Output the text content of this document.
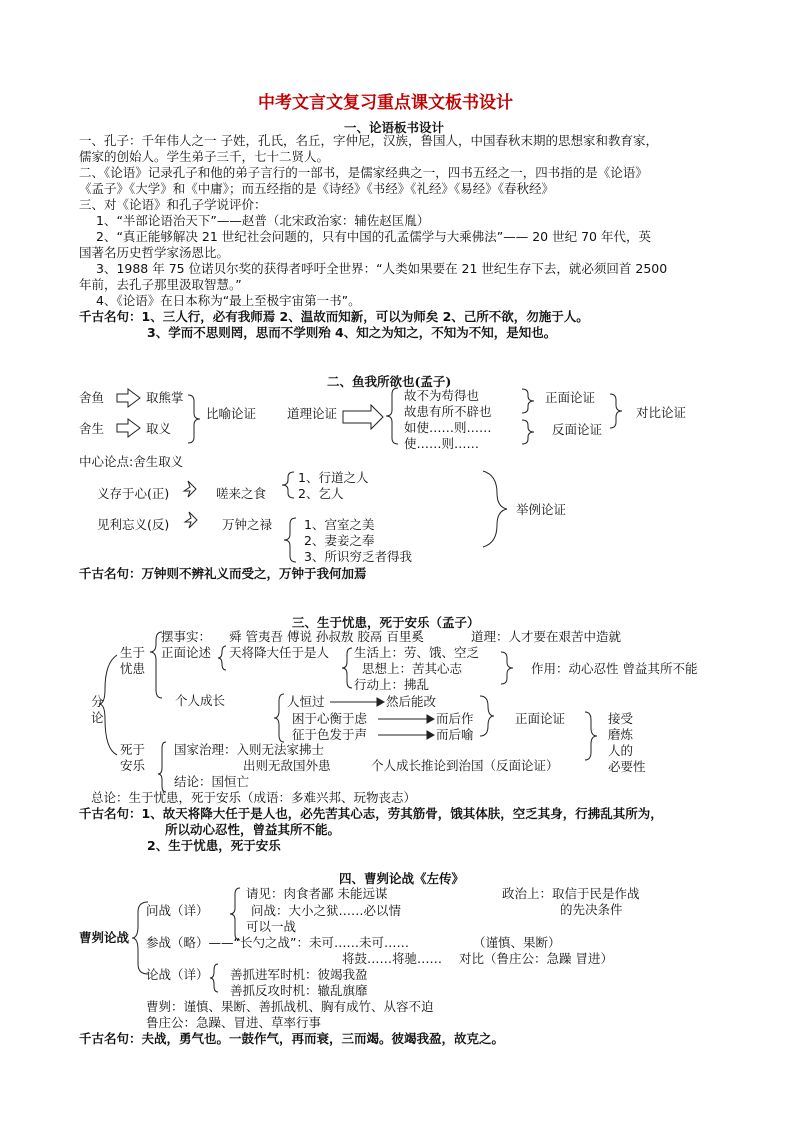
中考文言文复习重点课文板书设计
一、论语板书设计
一、孔子：千年伟人之一 子姓，孔氏，名丘，字仲尼，汉族，鲁国人，中国春秋末期的思想家和教育家，
儒家的创始人。学生弟子三千，七十二贤人。
二、《论语》记录孔子和他的弟子言行的一部书，是儒家经典之一，四书五经之一，四书指的是《论语》
《孟子》《大学》和《中庸》；而五经指的是《诗经》《书经》《礼经》《易经》《春秋经》
三、对《论语》和孔子学说评价：
1、“半部论语治天下”——赵普（北宋政治家：辅佐赵匡胤）
2、“真正能够解决 21 世纪社会问题的，只有中国的孔孟儒学与大乘佛法”—— 20 世纪 70 年代，英
国著名历史哲学家汤恩比。
3、1988 年 75 位诺贝尔奖的获得者呼吁全世界：“人类如果要在 21 世纪生存下去，就必须回首 2500
年前，去孔子那里汲取智慧。”
4、《论语》在日本称为“最上至极宇宙第一书”。
千古名句：1、三人行，必有我师焉 2、温故而知新，可以为师矣 2、己所不欲，勿施于人。
3、学而不思则罔，思而不学则殆 4、知之为知之，不知为不知，是知也。
二、鱼我所欲也(孟子)
舍鱼	取熊掌
舍生	取义
比喻论证 道理论证
故不为苟得也
故患有所不辟也
如使……则……
使……则……
正面论证
反面论证
对比论证
中心论点:舍生取义
义存于心(正)	嗟来之食
1、行道之人
2、乞人
见利忘义(反)	万钟之禄	1、宫室之美
2、妻妾之奉
3、所识穷乏者得我
举例论证
千古名句：万钟则不辨礼义而受之，万钟于我何加焉
三、生于忧患，死于安乐（孟子）
摆事实： 舜 管夷吾 傅说 孙叔敖 胶鬲 百里奚	道理：人才要在艰苦中造就
正面论述 天将降大任于是人 生活上：劳、饿、空乏
思想上：苦其心志
行动上：拂乱
作用：动心忍性 曾益其所不能
生于
忧患
分
论
个人成长	人恒过	然后能改
困于心衡于虑	而后作
征于色发于声	而后喻
正面论证	接受
磨炼
人的
必要性
死于
安乐
国家治理：入则无法家拂士
出则无敌国外患	个人成长推论到治国（反面论证）
结论：国恒亡
总论：生于忧患，死于安乐（成语：多难兴邦、玩物丧志）
千古名句：1、故天将降大任于是人也，必先苦其心志，劳其筋骨，饿其体肤，空乏其身，行拂乱其所为，
所以动心忍性，曾益其所不能。
2、生于忧患，死于安乐
四、曹刿论战《左传》
曹刿论战
问战（详）
请见：肉食者鄙 未能远谋	政治上：取信于民是作战
的先决条件
问战：大小之狱……必以情
可以一战
参战（略）——“长勺之战”：未可……未可……	（谨慎、果断）
将鼓……将驰…… 对比（鲁庄公：急躁 冒进）
论战（详） 善抓进军时机：彼竭我盈
善抓反攻时机：辙乱旗靡
曹刿：谨慎、果断、善抓战机、胸有成竹、从容不迫
鲁庄公：急躁、冒进、草率行事
千古名句：夫战，勇气也。一鼓作气，再而衰，三而竭。彼竭我盈，故克之。
